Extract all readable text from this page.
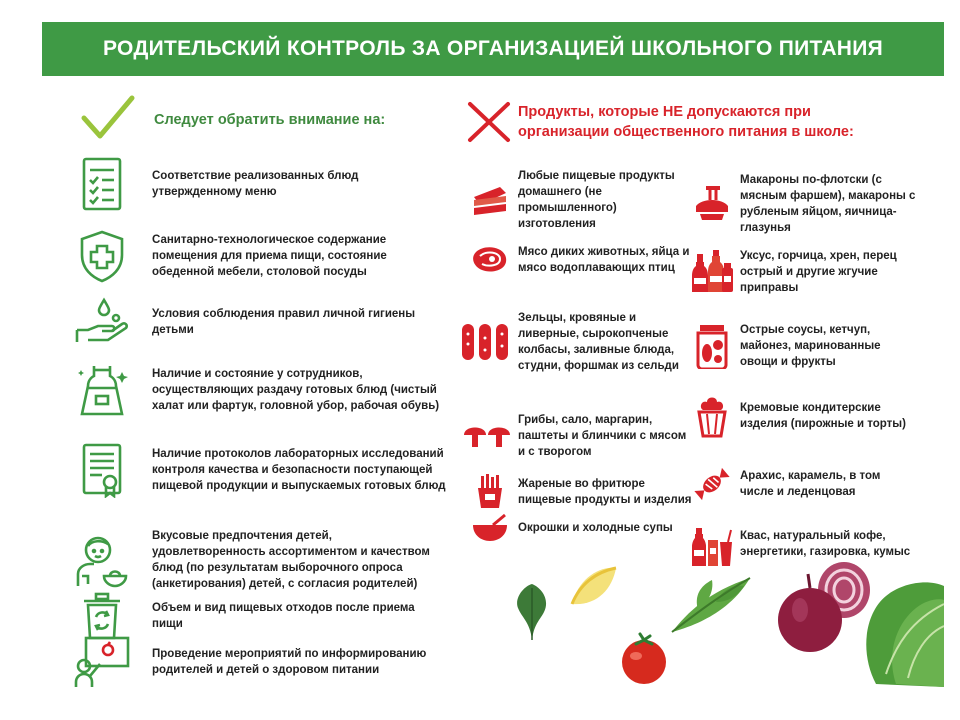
РОДИТЕЛЬСКИЙ КОНТРОЛЬ ЗА ОРГАНИЗАЦИЕЙ ШКОЛЬНОГО ПИТАНИЯ
Следует обратить внимание на:	Продукты, которые НЕ допускаются при организации общественного питания в школе:
Соответствие реализованных блюд утвержденному меню
Санитарно-технологическое содержание помещения для приема пищи, состояние обеденной мебели, столовой посуды
Условия соблюдения правил личной гигиены детьми
Наличие и состояние у сотрудников, осуществляющих раздачу готовых блюд (чистый халат или фартук, головной убор, рабочая обувь)
Наличие протоколов лабораторных исследований контроля качества и безопасности поступающей пищевой продукции и выпускаемых готовых блюд
Вкусовые предпочтения детей, удовлетворенность ассортиментом и качеством блюд (по результатам выборочного опроса (анкетирования) детей, с согласия родителей)
Объем и вид пищевых отходов после приема пищи
Проведение мероприятий по информированию родителей и детей о здоровом питании
Любые пищевые продукты домашнего (не промышленного) изготовления
Мясо диких животных, яйца и мясо водоплавающих птиц
Зельцы, кровяные и ливерные, сырокопченые колбасы, заливные блюда, студни, форшмак из сельди
Грибы, сало, маргарин, паштеты и блинчики с мясом и с творогом
Жареные во фритюре пищевые продукты и изделия
Окрошки и холодные супы
Макароны по-флотски (с мясным фаршем), макароны с рубленым яйцом, яичница-глазунья
Уксус, горчица, хрен, перец острый и другие жгучие приправы
Острые соусы, кетчуп, майонез, маринованные овощи и фрукты
Кремовые кондитерские изделия (пирожные и торты)
Арахис, карамель, в том числе и леденцовая
Квас, натуральный кофе, энергетики, газировка, кумыс
